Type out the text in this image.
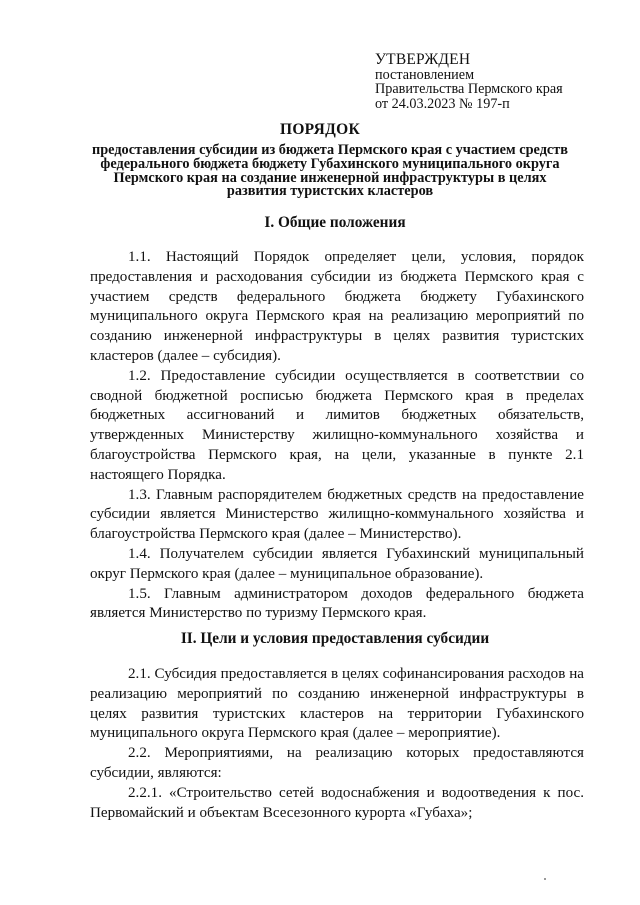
УТВЕРЖДЕН
постановлением
Правительства Пермского края
от 24.03.2023 № 197-п
ПОРЯДОК
предоставления субсидии из бюджета Пермского края с участием средств федерального бюджета бюджету Губахинского муниципального округа Пермского края на создание инженерной инфраструктуры в целях развития туристских кластеров
I. Общие положения

1.1. Настоящий Порядок определяет цели, условия, порядок предоставления и расходования субсидии из бюджета Пермского края с участием средств федерального бюджета бюджету Губахинского муниципального округа Пермского края на реализацию мероприятий по созданию инженерной инфраструктуры в целях развития туристских кластеров (далее – субсидия).

1.2. Предоставление субсидии осуществляется в соответствии со сводной бюджетной росписью бюджета Пермского края в пределах бюджетных ассигнований и лимитов бюджетных обязательств, утвержденных Министерству жилищно-коммунального хозяйства и благоустройства Пермского края, на цели, указанные в пункте 2.1 настоящего Порядка.

1.3. Главным распорядителем бюджетных средств на предоставление субсидии является Министерство жилищно-коммунального хозяйства и благоустройства Пермского края (далее – Министерство).

1.4. Получателем субсидии является Губахинский муниципальный округ Пермского края (далее – муниципальное образование).

1.5. Главным администратором доходов федерального бюджета является Министерство по туризму Пермского края.

II. Цели и условия предоставления субсидии

2.1. Субсидия предоставляется в целях софинансирования расходов на реализацию мероприятий по созданию инженерной инфраструктуры в целях развития туристских кластеров на территории Губахинского муниципального округа Пермского края (далее – мероприятие).

2.2. Мероприятиями, на реализацию которых предоставляются субсидии, являются:

2.2.1. «Строительство сетей водоснабжения и водоотведения к пос. Первомайский и объектам Всесезонного курорта «Губаха»;
